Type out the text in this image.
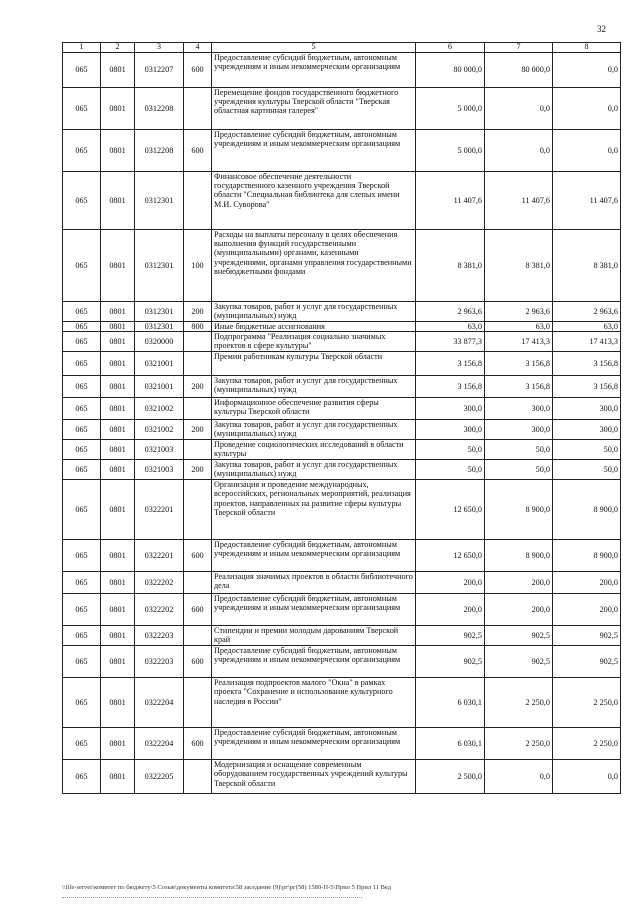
32
1	2	3	4	5	6	7	8
065	0801	0312207	600	Предоставление субсидий бюджетным, автономным учреждениям и иным некоммерческим организациям	80 000,0	80 000,0	0,0
065	0801	0312208		Перемещение фондов государственного бюджетного учреждения культуры Тверской области "Тверская областная картинная галерея"	5 000,0	0,0	0,0
065	0801	0312208	600	Предоставление субсидий бюджетным, автономным учреждениям и иным некоммерческим организациям	5 000,0	0,0	0,0
065	0801	0312301		Финансовое обеспечение деятельности государственного казенного учреждения Тверской области "Специальная библиотека для слепых имени М.И. Суворова"	11 407,6	11 407,6	11 407,6
065	0801	0312301	100	Расходы на выплаты персоналу в целях обеспечения выполнения функций государственными (муниципальными) органами, казенными учреждениями, органами управления государственными внебюджетными фондами	8 381,0	8 381,0	8 381,0
065	0801	0312301	200	Закупка товаров, работ и услуг для государственных (муниципальных) нужд	2 963,6	2 963,6	2 963,6
065	0801	0312301	800	Иные бюджетные ассигнования	63,0	63,0	63,0
065	0801	0320000		Подпрограмма "Реализация социально значимых проектов в сфере культуры"	33 877,3	17 413,3	17 413,3
065	0801	0321001		Премии работникам культуры Тверской области	3 156,8	3 156,8	3 156,8
065	0801	0321001	200	Закупка товаров, работ и услуг для государственных (муниципальных) нужд	3 156,8	3 156,8	3 156,8
065	0801	0321002		Информационное обеспечение развития сферы культуры Тверской области	300,0	300,0	300,0
065	0801	0321002	200	Закупка товаров, работ и услуг для государственных (муниципальных) нужд	300,0	300,0	300,0
065	0801	0321003		Проведение социологических исследований в области культуры	50,0	50,0	50,0
065	0801	0321003	200	Закупка товаров, работ и услуг для государственных (муниципальных) нужд	50,0	50,0	50,0
065	0801	0322201		Организация и проведение международных, всероссийских, региональных мероприятий, реализация проектов, направленных на развитие сферы культуры Тверской области	12 650,0	8 900,0	8 900,0
065	0801	0322201	600	Предоставление субсидий бюджетным, автономным учреждениям и иным некоммерческим организациям	12 650,0	8 900,0	8 900,0
065	0801	0322202		Реализация значимых проектов в области библиотечного дела	200,0	200,0	200,0
065	0801	0322202	600	Предоставление субсидий бюджетным, автономным учреждениям и иным некоммерческим организациям	200,0	200,0	200,0
065	0801	0322203		Стипендии и премии молодым дарованиям Тверской край	902,5	902,5	902,5
065	0801	0322203	600	Предоставление субсидий бюджетным, автономным учреждениям и иным некоммерческим организациям	902,5	902,5	902,5
065	0801	0322204		Реализация подпроектов малого "Окна" в рамках проекта "Сохранение и использование культурного наследия в России"	6 030,1	2 250,0	2 250,0
065	0801	0322204	600	Предоставление субсидий бюджетным, автономным учреждениям и иным некоммерческим организациям	6 030,1	2 250,0	2 250,0
065	0801	0322205		Модернизация и оснащение современным оборудованием государственных учреждений культуры Тверской области	2 500,0	0,0	0,0
\\file-server\комитет по бюджету\5 Созыв\документы комитета\58 заседание (9)\рг\рг(58) 1580-П-5\Прил 5 Прил 11 Вед
